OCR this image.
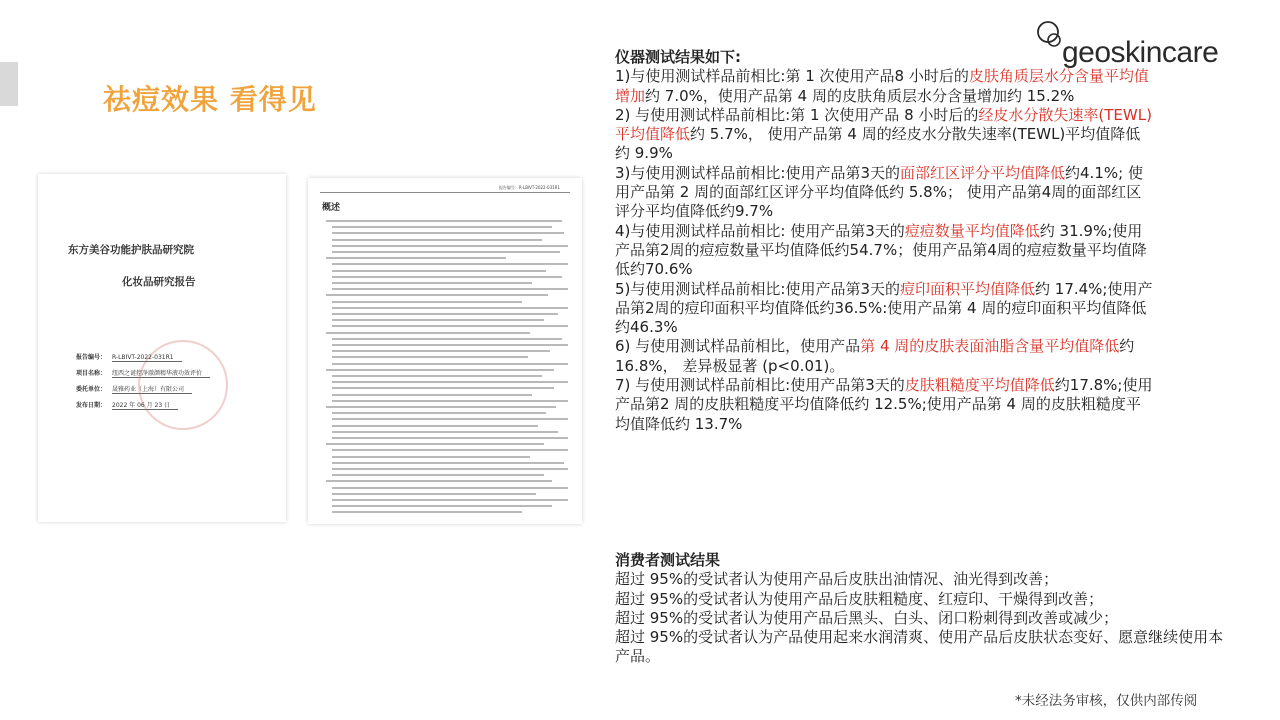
祛痘效果 看得见
geoskincare
东方美谷功能护肤品研究院
化妆品研究报告
报告编号： R-LBIVT-2022-031R1
项目名称： 纽西之谜控净澈颜精华液功效评价
委托单位： 晟雅药业（上海）有限公司
发布日期： 2022 年 06 月 23 日
报告编号：R-LBIVT-2022-031R1
概述

仪器测试结果如下:

1)与使用测试样品前相比:第 1 次使用产品8 小时后的皮肤角质层水分含量平均值增加约 7.0%，使用产品第 4 周的皮肤角质层水分含量增加约 15.2%

2) 与使用测试样品前相比:第 1 次使用产品 8 小时后的经皮水分散失速率(TEWL)平均值降低约 5.7%， 使用产品第 4 周的经皮水分散失速率(TEWL)平均值降低约 9.9%

3)与使用测试样品前相比:使用产品第3天的面部红区评分平均值降低约4.1%; 使用产品第 2 周的面部红区评分平均值降低约 5.8%； 使用产品第4周的面部红区评分平均值降低约9.7%

4)与使用测试样品前相比: 使用产品第3天的痘痘数量平均值降低约 31.9%;使用产品第2周的痘痘数量平均值降低约54.7%；使用产品第4周的痘痘数量平均值降低约70.6%

5)与使用测试样品前相比:使用产品第3天的痘印面积平均值降低约 17.4%;使用产品第2周的痘印面积平均值降低约36.5%:使用产品第 4 周的痘印面积平均值降低约46.3%

6) 与使用测试样品前相比，使用产品第 4 周的皮肤表面油脂含量平均值降低约16.8%， 差异极显著 (p<0.01)。

7) 与使用测试样品前相比:使用产品第3天的皮肤粗糙度平均值降低约17.8%;使用产品第2 周的皮肤粗糙度平均值降低约 12.5%;使用产品第 4 周的皮肤粗糙度平均值降低约 13.7%

消费者测试结果

超过 95%的受试者认为使用产品后皮肤出油情况、油光得到改善；

超过 95%的受试者认为使用产品后皮肤粗糙度、红痘印、干燥得到改善；

超过 95%的受试者认为使用产品后黑头、白头、闭口粉刺得到改善或减少；

超过 95%的受试者认为产品使用起来水润清爽、使用产品后皮肤状态变好、愿意继续使用本产品。

*未经法务审核，仅供内部传阅
